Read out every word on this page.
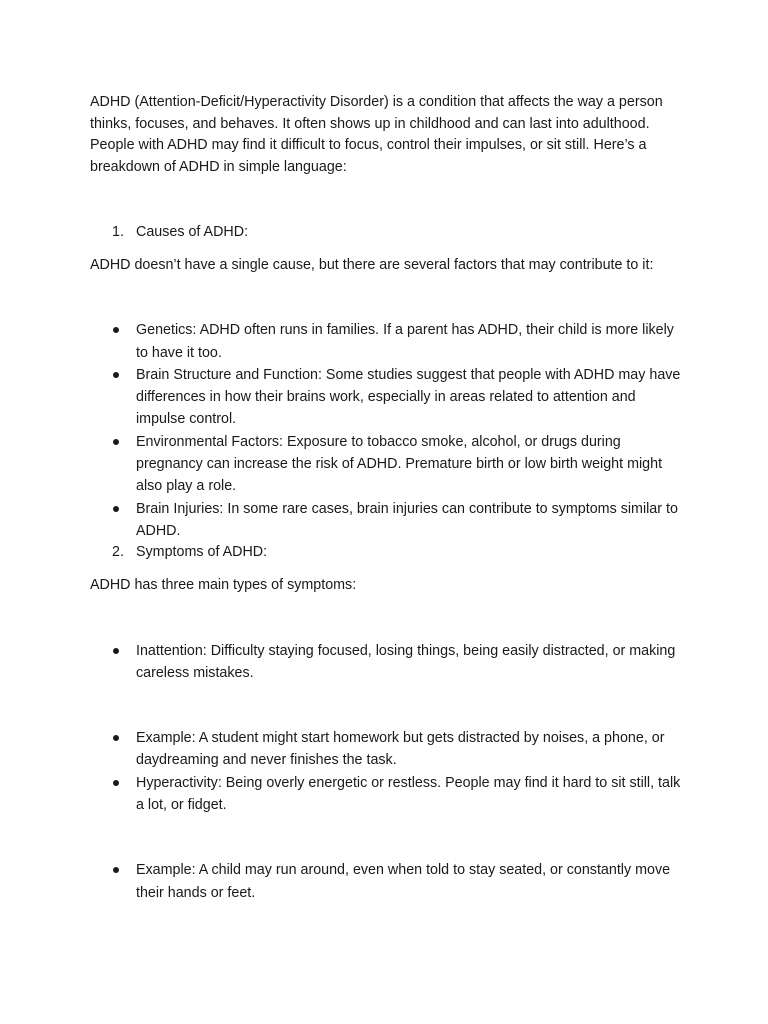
ADHD (Attention-Deficit/Hyperactivity Disorder) is a condition that affects the way a person thinks, focuses, and behaves. It often shows up in childhood and can last into adulthood. People with ADHD may find it difficult to focus, control their impulses, or sit still. Here’s a breakdown of ADHD in simple language:

1. Causes of ADHD:

ADHD doesn’t have a single cause, but there are several factors that may contribute to it:

Genetics: ADHD often runs in families. If a parent has ADHD, their child is more likely to have it too.
Brain Structure and Function: Some studies suggest that people with ADHD may have differences in how their brains work, especially in areas related to attention and impulse control.
Environmental Factors: Exposure to tobacco smoke, alcohol, or drugs during pregnancy can increase the risk of ADHD. Premature birth or low birth weight might also play a role.
Brain Injuries: In some rare cases, brain injuries can contribute to symptoms similar to ADHD.
2. Symptoms of ADHD:

ADHD has three main types of symptoms:

Inattention: Difficulty staying focused, losing things, being easily distracted, or making careless mistakes.
Example: A student might start homework but gets distracted by noises, a phone, or daydreaming and never finishes the task.
Hyperactivity: Being overly energetic or restless. People may find it hard to sit still, talk a lot, or fidget.
Example: A child may run around, even when told to stay seated, or constantly move their hands or feet.
